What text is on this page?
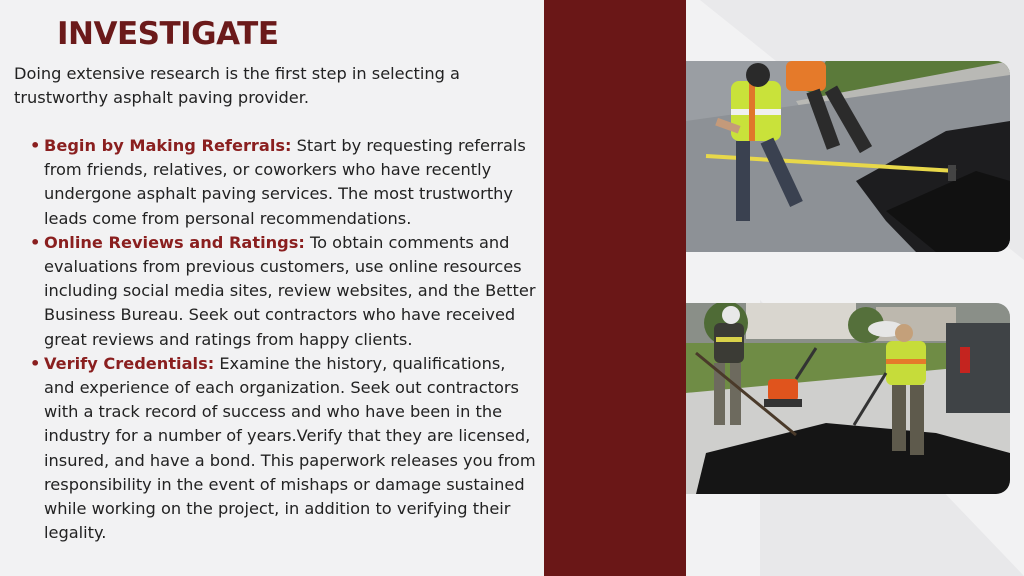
INVESTIGATE

Doing extensive research is the first step in selecting a trustworthy asphalt paving provider.

• Begin by Making Referrals: Start by requesting referrals from friends, relatives, or coworkers who have recently undergone asphalt paving services. The most trustworthy leads come from personal recommendations.
• Online Reviews and Ratings: To obtain comments and evaluations from previous customers, use online resources including social media sites, review websites, and the Better Business Bureau. Seek out contractors who have received great reviews and ratings from happy clients.
• Verify Credentials: Examine the history, qualifications, and experience of each organization. Seek out contractors with a track record of success and who have been in the industry for a number of years.Verify that they are licensed, insured, and have a bond. This paperwork releases you from responsibility in the event of mishaps or damage sustained while working on the project, in addition to verifying their legality.
